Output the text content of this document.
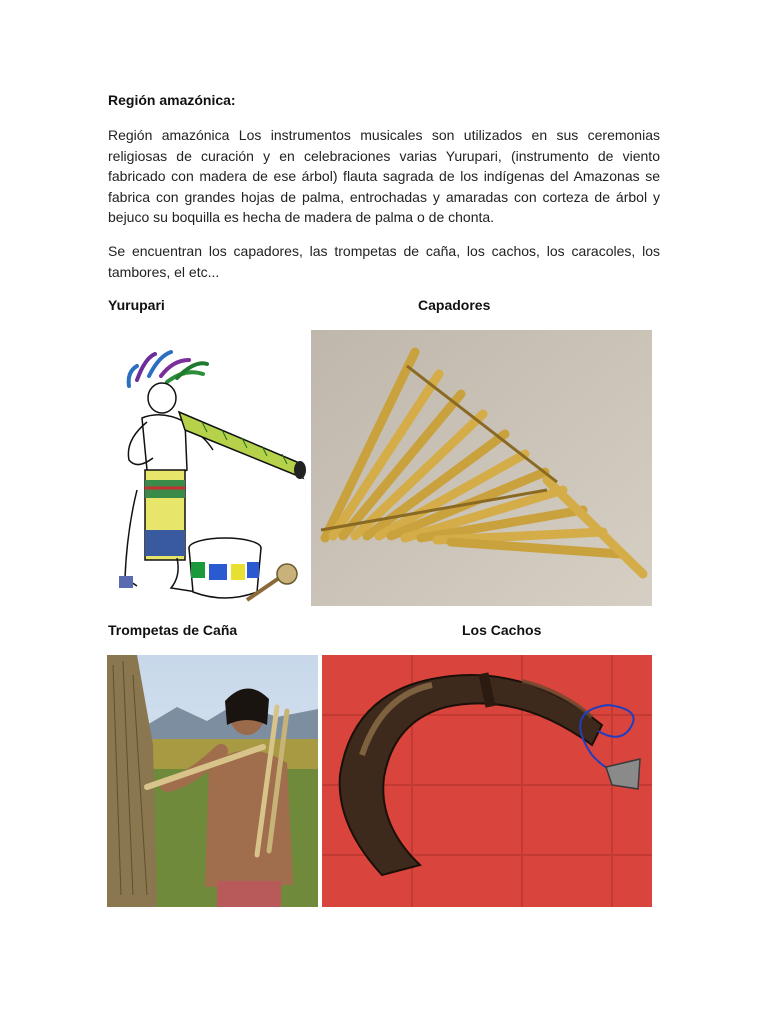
Región amazónica:
Región amazónica Los instrumentos musicales son utilizados en sus ceremonias religiosas de curación y en celebraciones varias Yurupari, (instrumento de viento fabricado con madera de ese árbol) flauta sagrada de los indígenas del Amazonas se fabrica con grandes hojas de palma, entrochadas y amaradas con corteza de árbol y bejuco su boquilla es hecha de madera de palma o de chonta.
Se encuentran los capadores, las trompetas de caña, los cachos, los caracoles, los tambores, el etc...
Yurupari	Capadores
Trompetas de Caña	Los Cachos
